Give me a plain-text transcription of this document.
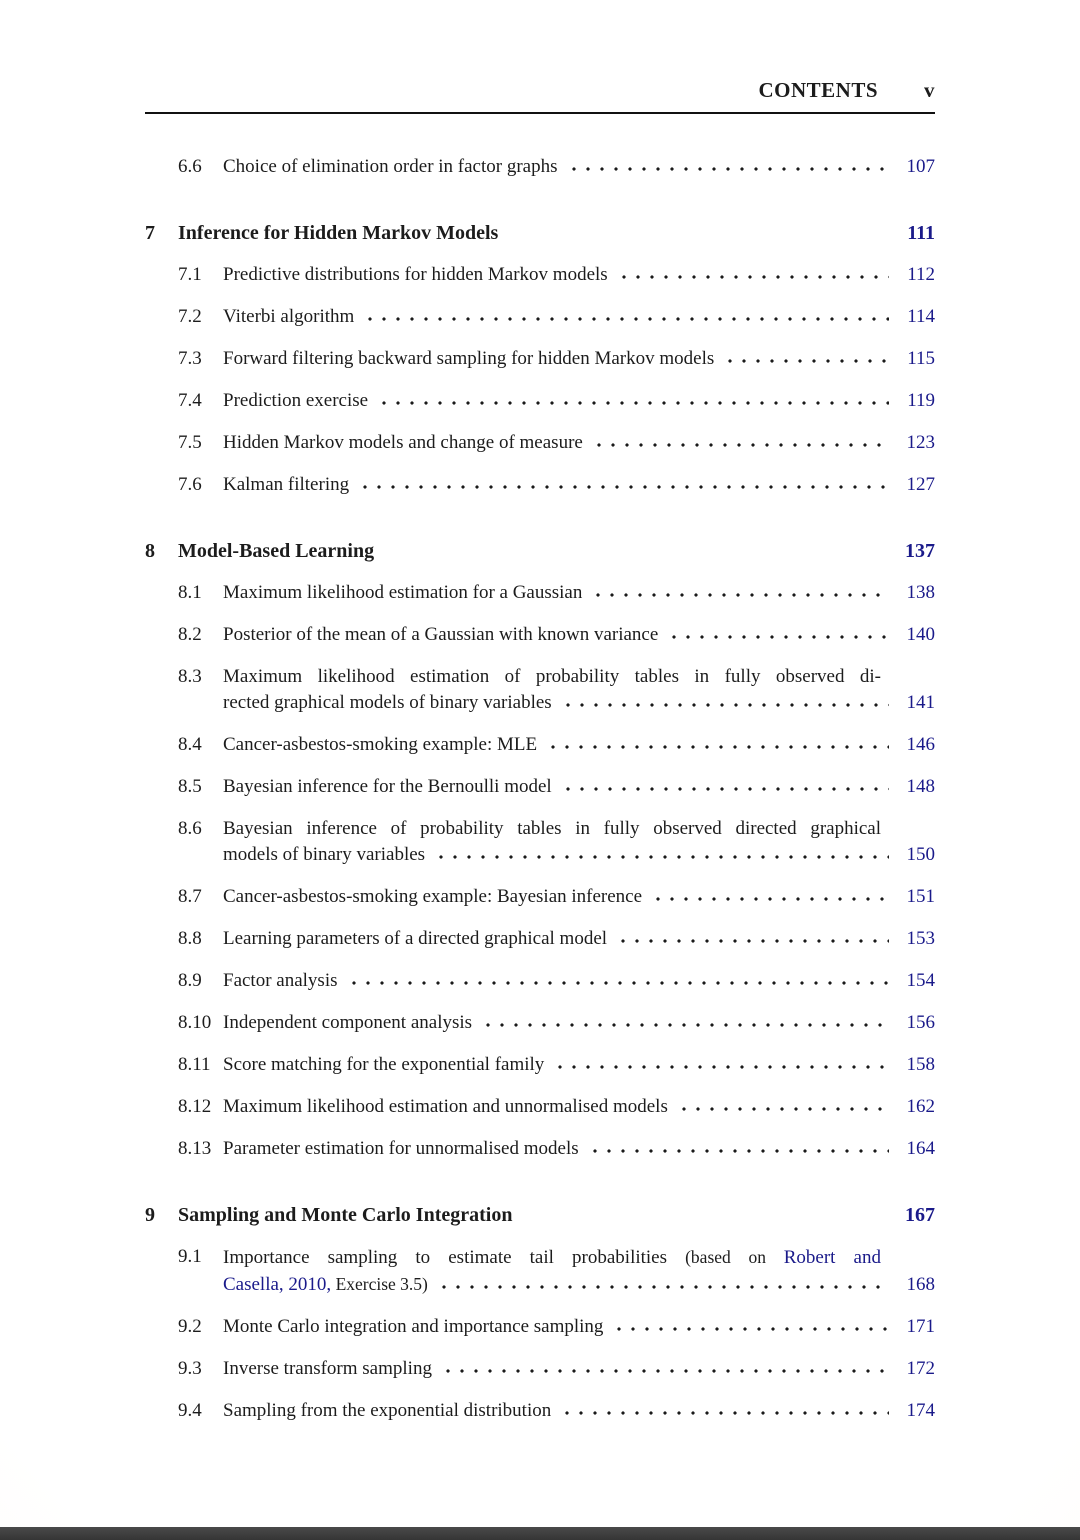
CONTENTS v
6.6	Choice of elimination order in factor graphs	107
7	Inference for Hidden Markov Models	111
7.1	Predictive distributions for hidden Markov models	112
7.2	Viterbi algorithm	114
7.3	Forward filtering backward sampling for hidden Markov models	115
7.4	Prediction exercise	119
7.5	Hidden Markov models and change of measure	123
7.6	Kalman filtering	127
8	Model-Based Learning	137
8.1	Maximum likelihood estimation for a Gaussian	138
8.2	Posterior of the mean of a Gaussian with known variance	140
8.3	Maximum likelihood estimation of probability tables in fully observed di-
rected graphical models of binary variables	141
8.4	Cancer-asbestos-smoking example: MLE	146
8.5	Bayesian inference for the Bernoulli model	148
8.6	Bayesian inference of probability tables in fully observed directed graphical
models of binary variables	150
8.7	Cancer-asbestos-smoking example: Bayesian inference	151
8.8	Learning parameters of a directed graphical model	153
8.9	Factor analysis	154
8.10 Independent component analysis	156
8.11 Score matching for the exponential family	158
8.12 Maximum likelihood estimation and unnormalised models	162
8.13 Parameter estimation for unnormalised models	164
9	Sampling and Monte Carlo Integration	167
9.1	Importance sampling to estimate tail probabilities (based on Robert and
Casella, 2010, Exercise 3.5)	168
9.2	Monte Carlo integration and importance sampling	171
9.3	Inverse transform sampling	172
9.4	Sampling from the exponential distribution	174
